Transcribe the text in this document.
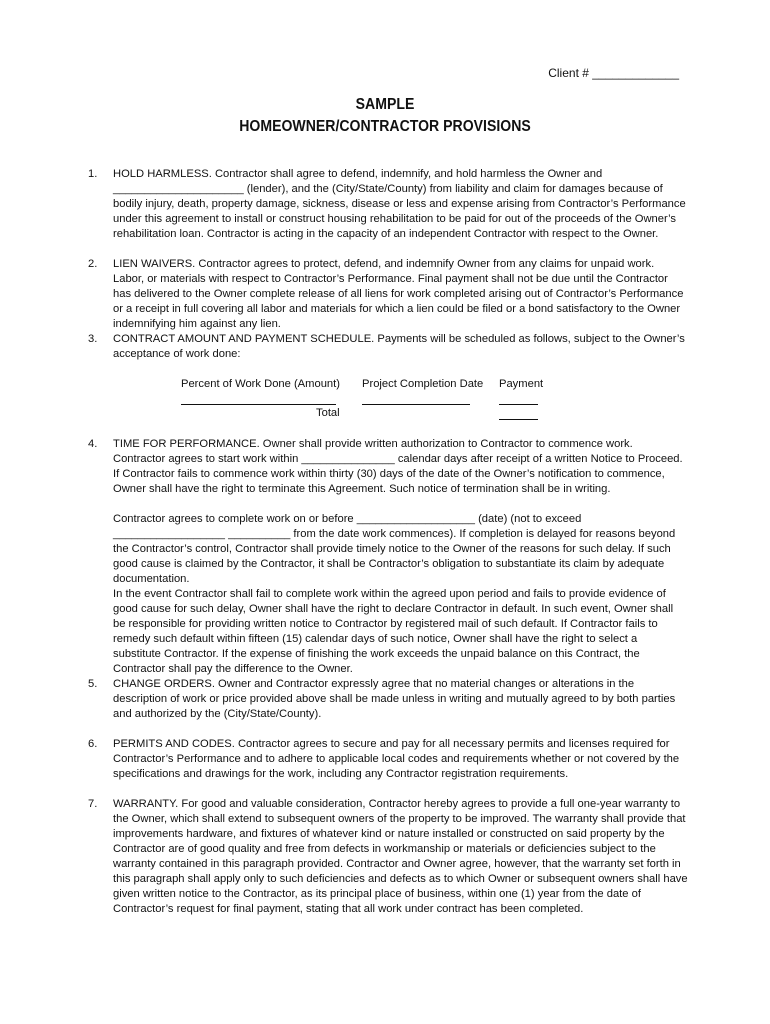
Client # _____________
SAMPLE
HOMEOWNER/CONTRACTOR PROVISIONS
1. HOLD HARMLESS. Contractor shall agree to defend, indemnify, and hold harmless the Owner and _____________________ (lender), and the (City/State/County) from liability and claim for damages because of bodily injury, death, property damage, sickness, disease or less and expense arising from Contractor’s Performance under this agreement to install or construct housing rehabilitation to be paid for out of the proceeds of the Owner’s rehabilitation loan. Contractor is acting in the capacity of an independent Contractor with respect to the Owner.

2. LIEN WAIVERS. Contractor agrees to protect, defend, and indemnify Owner from any claims for unpaid work. Labor, or materials with respect to Contractor’s Performance. Final payment shall not be due until the Contractor has delivered to the Owner complete release of all liens for work completed arising out of Contractor’s Performance or a receipt in full covering all labor and materials for which a lien could be filed or a bond satisfactory to the Owner indemnifying him against any lien.

3. CONTRACT AMOUNT AND PAYMENT SCHEDULE. Payments will be scheduled as follows, subject to the Owner’s acceptance of work done:

Percent of Work Done (Amount) Project Completion Date Payment
Total
4. TIME FOR PERFORMANCE. Owner shall provide written authorization to Contractor to commence work. Contractor agrees to start work within _______________ calendar days after receipt of a written Notice to Proceed. If Contractor fails to commence work within thirty (30) days of the date of the Owner’s notification to commence, Owner shall have the right to terminate this Agreement. Such notice of termination shall be in writing.

Contractor agrees to complete work on or before ___________________ (date) (not to exceed __________________ __________ from the date work commences). If completion is delayed for reasons beyond the Contractor’s control, Contractor shall provide timely notice to the Owner of the reasons for such delay. If such good cause is claimed by the Contractor, it shall be Contractor’s obligation to substantiate its claim by adequate documentation.

In the event Contractor shall fail to complete work within the agreed upon period and fails to provide evidence of good cause for such delay, Owner shall have the right to declare Contractor in default. In such event, Owner shall be responsible for providing written notice to Contractor by registered mail of such default. If Contractor fails to remedy such default within fifteen (15) calendar days of such notice, Owner shall have the right to select a substitute Contractor. If the expense of finishing the work exceeds the unpaid balance on this Contract, the Contractor shall pay the difference to the Owner.

5. CHANGE ORDERS. Owner and Contractor expressly agree that no material changes or alterations in the description of work or price provided above shall be made unless in writing and mutually agreed to by both parties and authorized by the (City/State/County).

6. PERMITS AND CODES. Contractor agrees to secure and pay for all necessary permits and licenses required for Contractor’s Performance and to adhere to applicable local codes and requirements whether or not covered by the specifications and drawings for the work, including any Contractor registration requirements.

7. WARRANTY. For good and valuable consideration, Contractor hereby agrees to provide a full one-year warranty to the Owner, which shall extend to subsequent owners of the property to be improved. The warranty shall provide that improvements hardware, and fixtures of whatever kind or nature installed or constructed on said property by the Contractor are of good quality and free from defects in workmanship or materials or deficiencies subject to the warranty contained in this paragraph provided. Contractor and Owner agree, however, that the warranty set forth in this paragraph shall apply only to such deficiencies and defects as to which Owner or subsequent owners shall have given written notice to the Contractor, as its principal place of business, within one (1) year from the date of Contractor’s request for final payment, stating that all work under contract has been completed.
